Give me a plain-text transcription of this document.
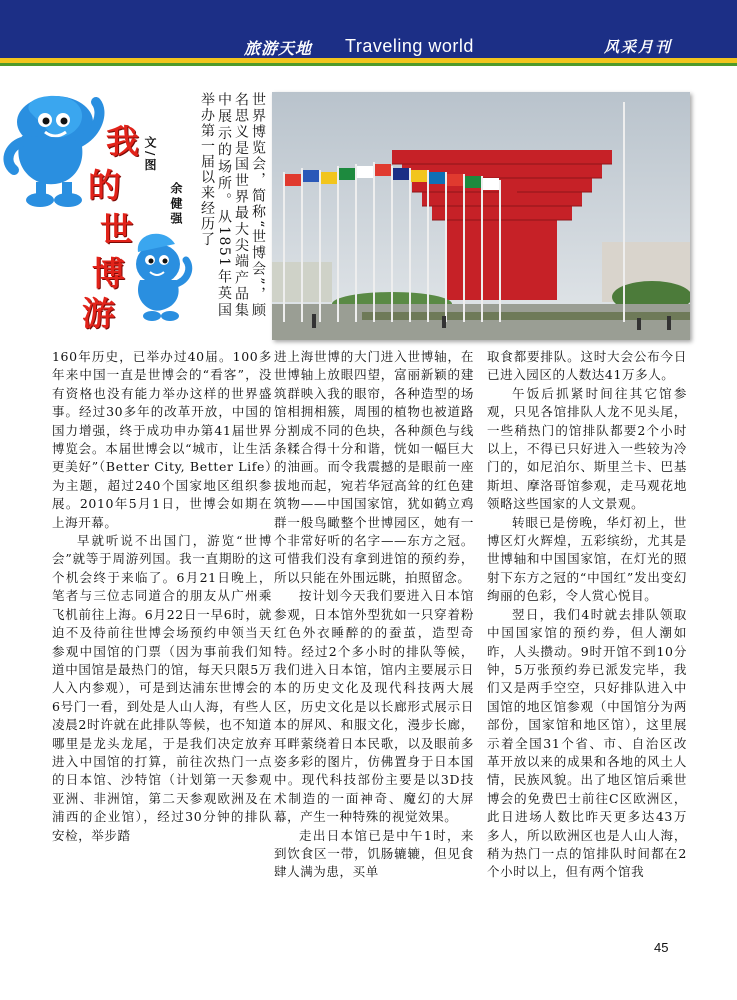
旅游天地 Traveling world	风采月刊
我
的
世
博
游
文/图
余健强	世界博览会，简称“世博会”，顾名思义是国世界最大尖端产品集中展示的场所。从1851年英国举办第一届以来经历了

160年历史，已举办过40届。100多年来中国一直是世博会的“看客”，没有资格也没有能力举办这样的世界盛事。经过30多年的改革开放，中国的国力增强，终于成功申办第41届世界博览会。本届世博会以“城市，让生活更美好”（Better City, Better Life）为主题，超过240个国家地区组织参展。2010年5月1日，世博会如期在上海开幕。

早就听说不出国门，游览“世博会”就等于周游列国。我一直期盼的这个机会终于来临了。6月21日晚上，笔者与三位志同道合的朋友从广州乘飞机前往上海。6月22日一早6时，就迫不及待前往世博会场预约申领当天参观中国馆的门票（因为事前我们知道中国馆是最热门的馆，每天只限5万人入内参观），可是到达浦东世博会的6号门一看，到处是人山人海，有些人凌晨2时许就在此排队等候，也不知道哪里是龙头龙尾，于是我们决定放弃进入中国馆的打算，前往次热门一点的日本馆、沙特馆（计划第一天参观亚洲、非洲馆，第二天参观欧洲及在浦西的企业馆），经过30分钟的排队安检，举步踏

进上海世博的大门进入世博轴，在世博轴上放眼四望，富丽新颖的建筑群映入我的眼帘，各种造型的场馆相拥相簇，周围的植物也被道路分割成不同的色块，各种颜色与线条糅合得十分和谐，恍如一幅巨大的油画。而令我震撼的是眼前一座拔地而起，宛若华冠高耸的红色建筑物——中国国家馆，犹如鹤立鸡群一般鸟瞰整个世博园区，她有一个非常好听的名字——东方之冠。可惜我们没有拿到进馆的预约券，所以只能在外围远眺，拍照留念。

按计划今天我们要进入日本馆参观，日本馆外型犹如一只穿着粉红色外衣睡醉的的蚕茧，造型奇特。经过2个多小时的排队等候，我们进入日本馆，馆内主要展示日本的历史文化及现代科技两大展区，历史文化是以长廊形式展示日本的屏风、和服文化，漫步长廊，耳畔萦绕着日本民歌，以及眼前多姿多彩的图片，仿佛置身于日本国中。现代科技部份主要是以3D技术制造的一面神奇、魔幻的大屏幕，产生一种特殊的视觉效果。

走出日本馆已是中午1时，来到饮食区一带，饥肠辘辘，但见食肆人满为患，买单

取食都要排队。这时大会公布今日已进入园区的人数达41万多人。

午饭后抓紧时间往其它馆参观，只见各馆排队人龙不见头尾，一些稍热门的馆排队都要2个小时以上，不得已只好进入一些较为冷门的，如尼泊尔、斯里兰卡、巴基斯坦、摩洛哥馆参观，走马观花地领略这些国家的人文景观。

转眼已是傍晚，华灯初上，世博区灯火辉煌，五彩缤纷，尤其是世博轴和中国国家馆，在灯光的照射下东方之冠的“中国红”发出变幻绚丽的色彩，令人赏心悦目。

翌日，我们4时就去排队领取中国国家馆的预约券，但人潮如昨，人头攒动。9时开馆不到10分钟，5万张预约券已派发完毕，我们又是两手空空，只好排队进入中国馆的地区馆参观（中国馆分为两部份，国家馆和地区馆），这里展示着全国31个省、市、自治区改革开放以来的成果和各地的风土人情，民族风貌。出了地区馆后乘世博会的免费巴士前往C区欧洲区，此日进场人数比昨天更多达43万多人，所以欧洲区也是人山人海，稍为热门一点的馆排队时间都在2个小时以上，但有两个馆我

45
